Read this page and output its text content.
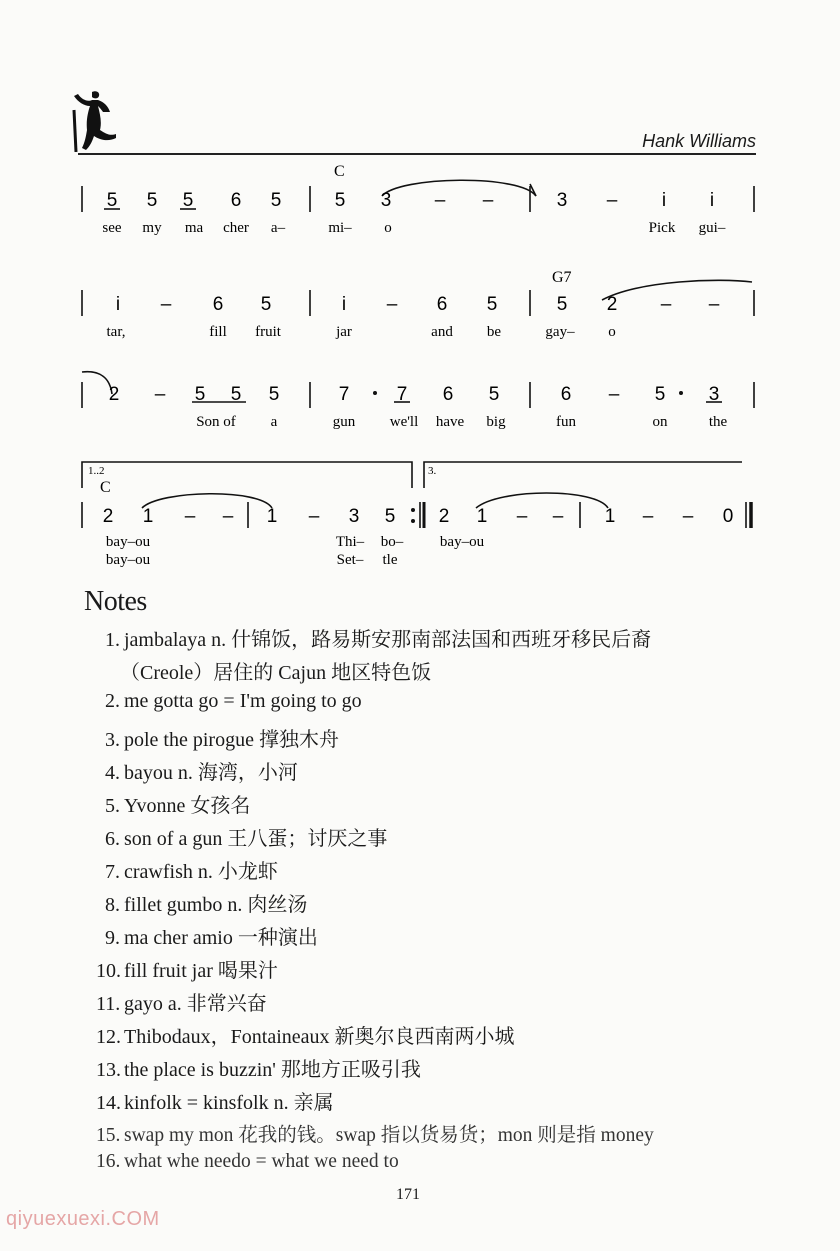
Hank Williams
C
G7
C
1..2	3.
5 5 5 6 5	5 3 – –	3 – i i
see my ma cher a–	mi– o	Pick gui–
i – 6 5	i – 6 5	5 2 – –
tar,	fill fruit	jar	and be	gay– o
2 – 5 5 5	7 7 6 5	6 – 5 3
Son of a	gun we'll have big	fun	on	the
2 1 – – 1 – 3 5 2 1 – – 1 – – 0
bay–ou	Thi– bo– bay–ou
bay–ou	Set– tle
Notes
1. jambalaya n. 什锦饭，路易斯安那南部法国和西班牙移民后裔
（Creole）居住的 Cajun 地区特色饭
2. me gotta go = I'm going to go
3. pole the pirogue 撑独木舟
4. bayou n. 海湾，小河
5. Yvonne 女孩名
6. son of a gun 王八蛋；讨厌之事
7. crawfish n. 小龙虾
8. fillet gumbo n. 肉丝汤
9. ma cher amio 一种演出
10. fill fruit jar 喝果汁
11. gayo a. 非常兴奋
12. Thibodaux，Fontaineaux 新奥尔良西南两小城
13. the place is buzzin' 那地方正吸引我
14. kinfolk = kinsfolk n. 亲属
15. swap my mon 花我的钱。swap 指以货易货；mon 则是指 money
16. what whe needo = what we need to
171
qiyuexuexi.COM
